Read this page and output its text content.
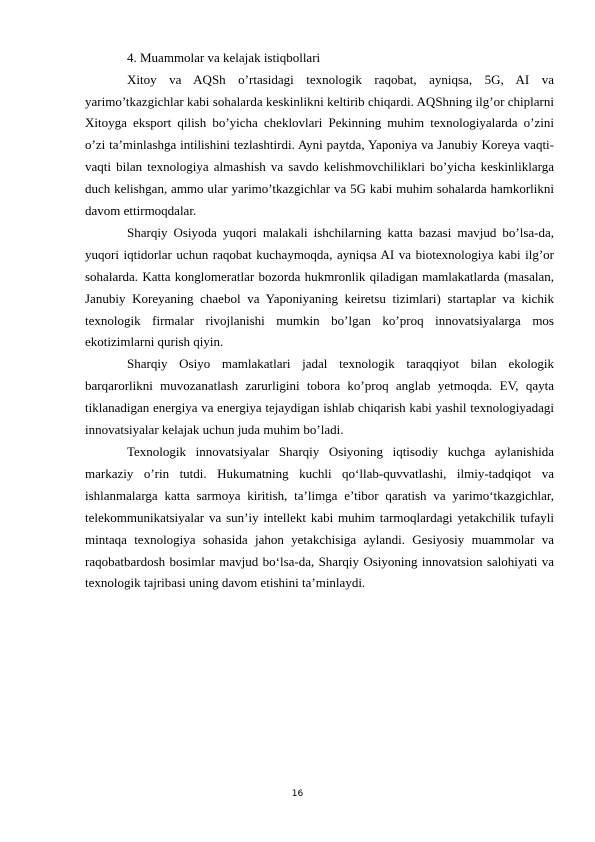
4. Muammolar va kelajak istiqbollari

Xitoy va AQSh o’rtasidagi texnologik raqobat, ayniqsa, 5G, AI va yarimo’tkazgichlar kabi sohalarda keskinlikni keltirib chiqardi. AQShning ilg’or chiplarni Xitoyga eksport qilish bo’yicha cheklovlari Pekinning muhim texnologiyalarda o’zini o’zi ta’minlashga intilishini tezlashtirdi. Ayni paytda, Yaponiya va Janubiy Koreya vaqti-vaqti bilan texnologiya almashish va savdo kelishmovchiliklari bo’yicha keskinliklarga duch kelishgan, ammo ular yarimo’tkazgichlar va 5G kabi muhim sohalarda hamkorlikni davom ettirmoqdalar.

Sharqiy Osiyoda yuqori malakali ishchilarning katta bazasi mavjud bo’lsa-da, yuqori iqtidorlar uchun raqobat kuchaymoqda, ayniqsa AI va biotexnologiya kabi ilg’or sohalarda. Katta konglomeratlar bozorda hukmronlik qiladigan mamlakatlarda (masalan, Janubiy Koreyaning chaebol va Yaponiyaning keiretsu tizimlari) startaplar va kichik texnologik firmalar rivojlanishi mumkin bo’lgan ko’proq innovatsiyalarga mos ekotizimlarni qurish qiyin.

Sharqiy Osiyo mamlakatlari jadal texnologik taraqqiyot bilan ekologik barqarorlikni muvozanatlash zarurligini tobora ko’proq anglab yetmoqda. EV, qayta tiklanadigan energiya va energiya tejaydigan ishlab chiqarish kabi yashil texnologiyadagi innovatsiyalar kelajak uchun juda muhim bo’ladi.

Texnologik innovatsiyalar Sharqiy Osiyoning iqtisodiy kuchga aylanishida markaziy o’rin tutdi. Hukumatning kuchli qo‘llab-quvvatlashi, ilmiy-tadqiqot va ishlanmalarga katta sarmoya kiritish, ta’limga e’tibor qaratish va yarimo‘tkazgichlar, telekommunikatsiyalar va sun’iy intellekt kabi muhim tarmoqlardagi yetakchilik tufayli mintaqa texnologiya sohasida jahon yetakchisiga aylandi. Gesiyosiy muammolar va raqobatbardosh bosimlar mavjud bo‘lsa-da, Sharqiy Osiyoning innovatsion salohiyati va texnologik tajribasi uning davom etishini ta’minlaydi.

16
